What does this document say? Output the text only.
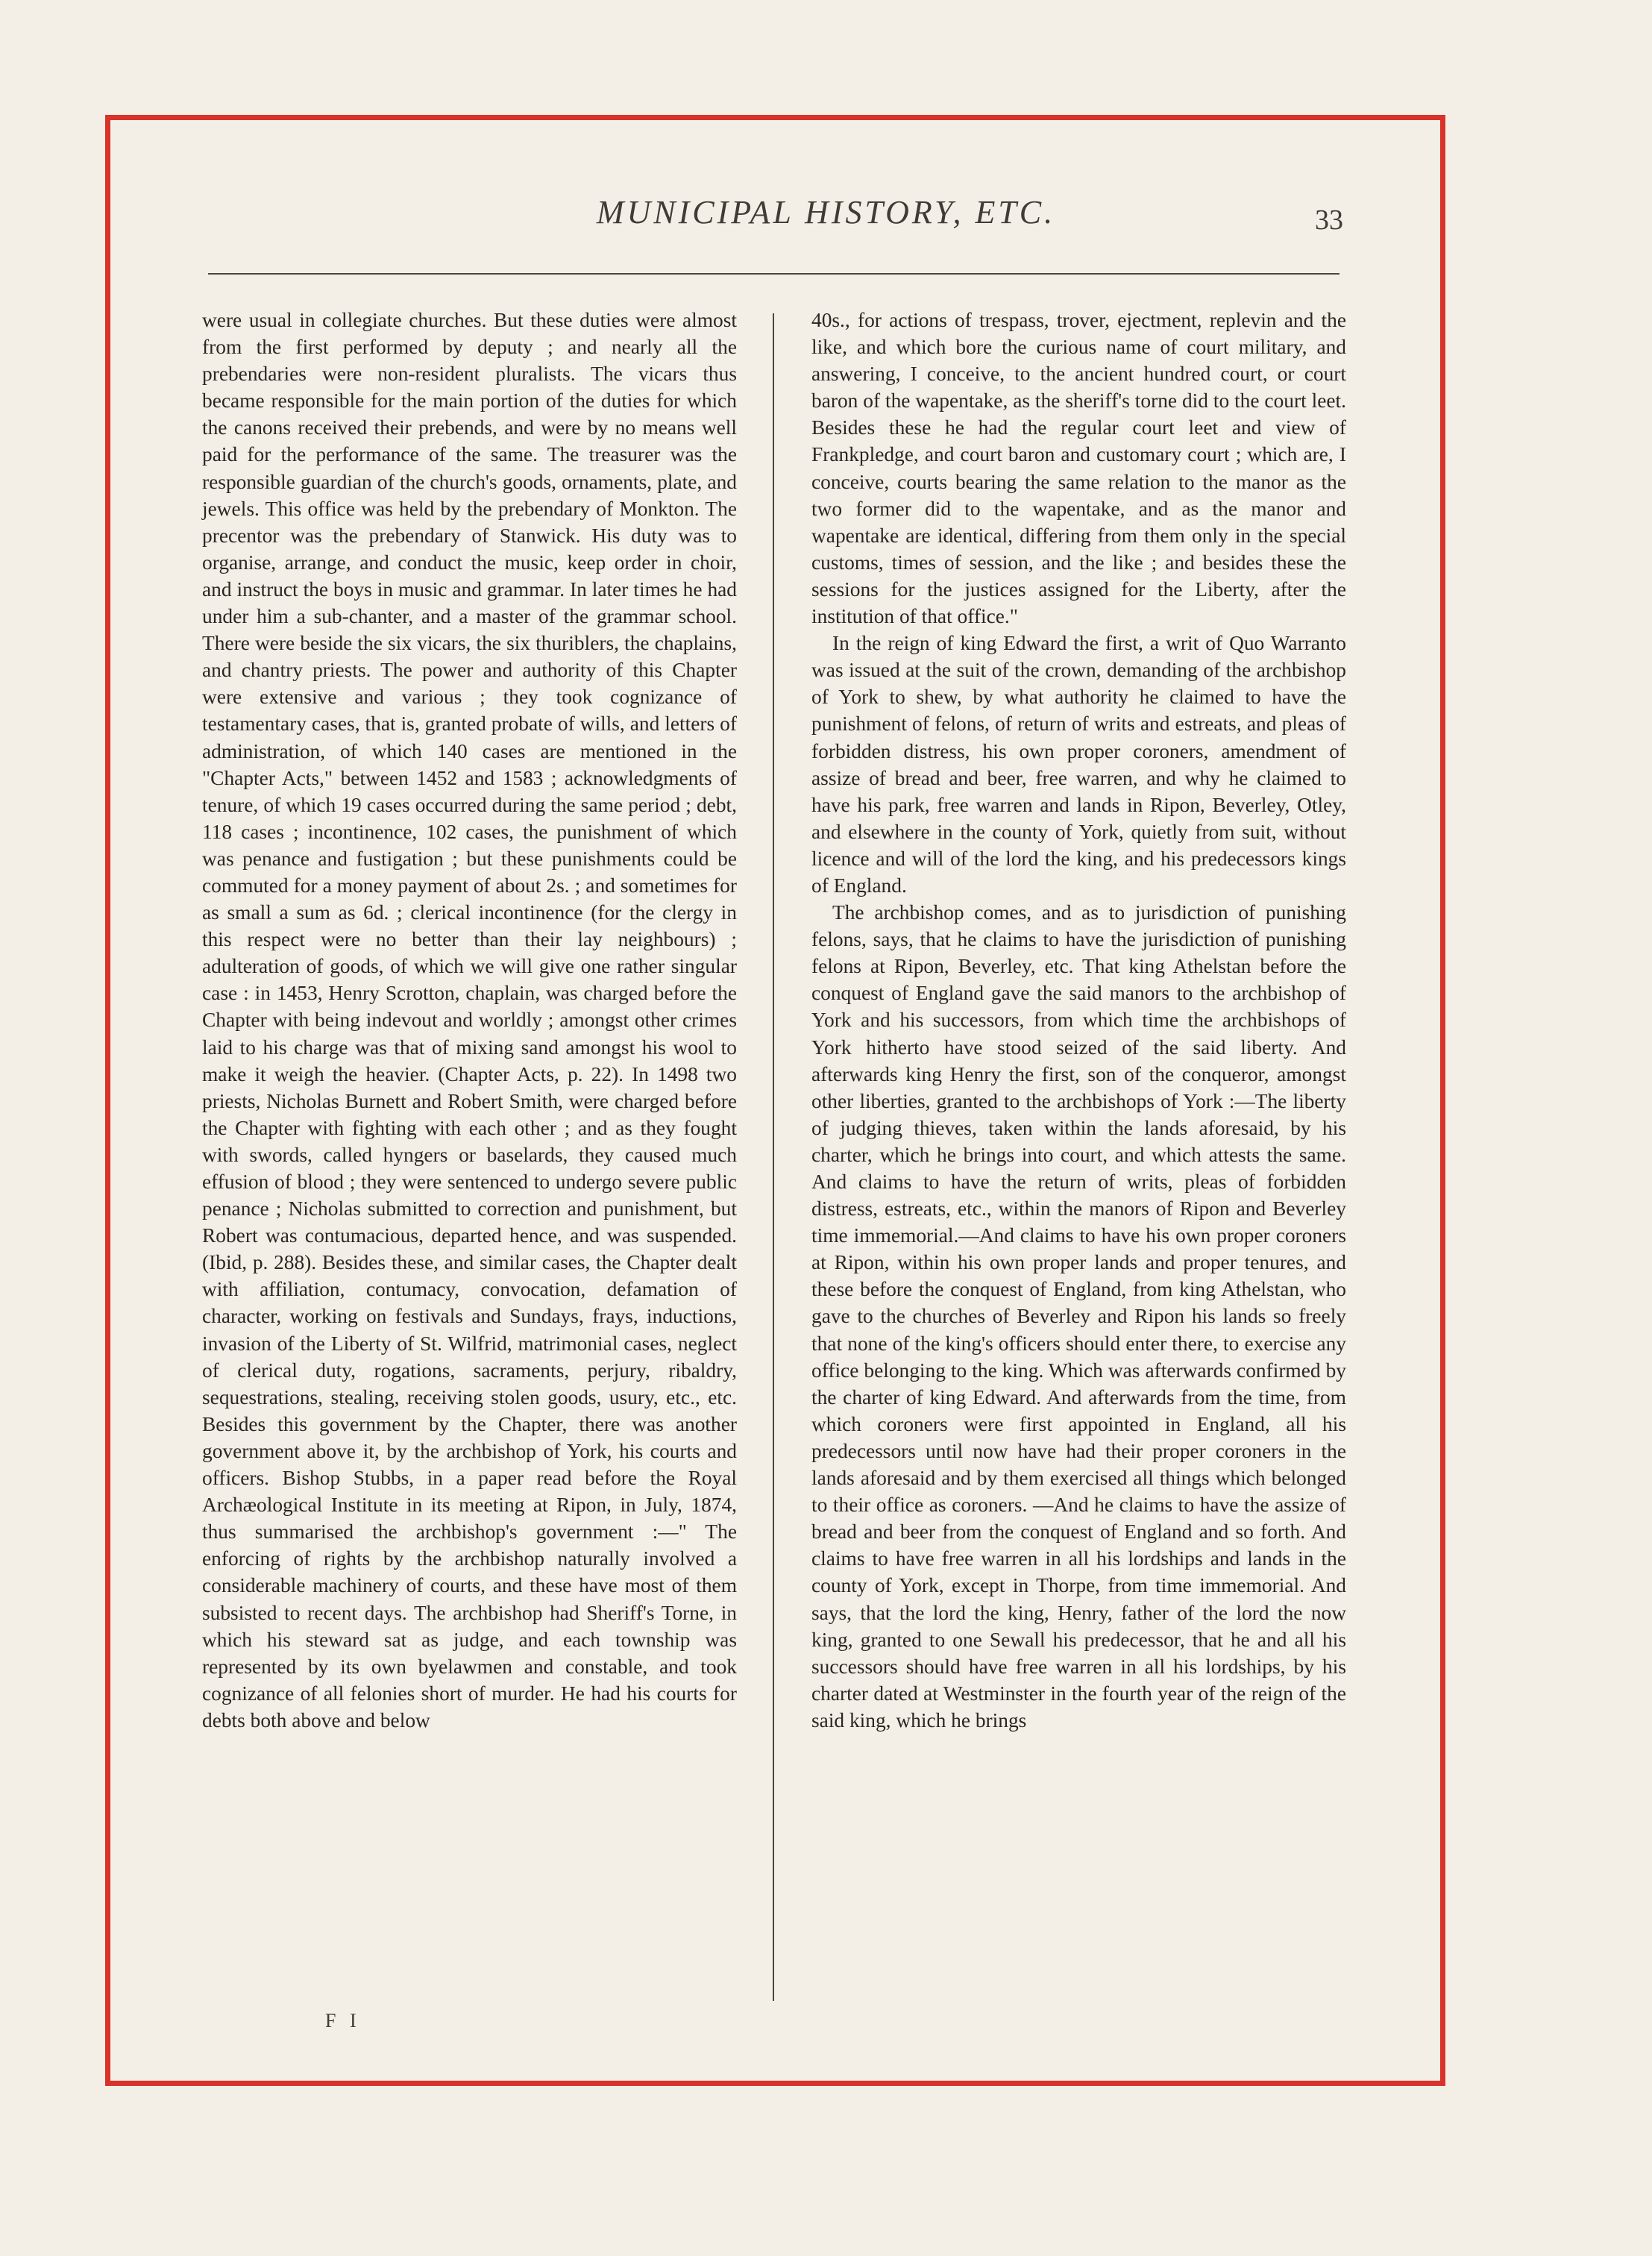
MUNICIPAL HISTORY, ETC.	33

were usual in collegiate churches. But these duties were almost from the first performed by deputy ; and nearly all the prebendaries were non-resident pluralists. The vicars thus became responsible for the main portion of the duties for which the canons received their prebends, and were by no means well paid for the performance of the same. The treasurer was the responsible guardian of the church's goods, ornaments, plate, and jewels. This office was held by the prebendary of Monkton. The precentor was the prebendary of Stanwick. His duty was to organise, arrange, and conduct the music, keep order in choir, and instruct the boys in music and grammar. In later times he had under him a sub-chanter, and a master of the grammar school. There were beside the six vicars, the six thuriblers, the chaplains, and chantry priests. The power and authority of this Chapter were extensive and various ; they took cognizance of testamentary cases, that is, granted probate of wills, and letters of administration, of which 140 cases are mentioned in the "Chapter Acts," between 1452 and 1583 ; acknowledgments of tenure, of which 19 cases occurred during the same period ; debt, 118 cases ; incontinence, 102 cases, the punishment of which was penance and fustigation ; but these punishments could be commuted for a money payment of about 2s. ; and sometimes for as small a sum as 6d. ; clerical incontinence (for the clergy in this respect were no better than their lay neighbours) ; adulteration of goods, of which we will give one rather singular case : in 1453, Henry Scrotton, chaplain, was charged before the Chapter with being indevout and worldly ; amongst other crimes laid to his charge was that of mixing sand amongst his wool to make it weigh the heavier. (Chapter Acts, p. 22). In 1498 two priests, Nicholas Burnett and Robert Smith, were charged before the Chapter with fighting with each other ; and as they fought with swords, called hyngers or baselards, they caused much effusion of blood ; they were sentenced to undergo severe public penance ; Nicholas submitted to correction and punishment, but Robert was contumacious, departed hence, and was suspended. (Ibid, p. 288). Besides these, and similar cases, the Chapter dealt with affiliation, contumacy, convocation, defamation of character, working on festivals and Sundays, frays, inductions, invasion of the Liberty of St. Wilfrid, matrimonial cases, neglect of clerical duty, rogations, sacraments, perjury, ribaldry, sequestrations, stealing, receiving stolen goods, usury, etc., etc. Besides this government by the Chapter, there was another government above it, by the archbishop of York, his courts and officers. Bishop Stubbs, in a paper read before the Royal Archæological Institute in its meeting at Ripon, in July, 1874, thus summarised the archbishop's government :—" The enforcing of rights by the archbishop naturally involved a considerable machinery of courts, and these have most of them subsisted to recent days. The archbishop had Sheriff's Torne, in which his steward sat as judge, and each township was represented by its own byelawmen and constable, and took cognizance of all felonies short of murder. He had his courts for debts both above and below

40s., for actions of trespass, trover, ejectment, replevin and the like, and which bore the curious name of court military, and answering, I conceive, to the ancient hundred court, or court baron of the wapentake, as the sheriff's torne did to the court leet. Besides these he had the regular court leet and view of Frankpledge, and court baron and customary court ; which are, I conceive, courts bearing the same relation to the manor as the two former did to the wapentake, and as the manor and wapentake are identical, differing from them only in the special customs, times of session, and the like ; and besides these the sessions for the justices assigned for the Liberty, after the institution of that office."

In the reign of king Edward the first, a writ of Quo Warranto was issued at the suit of the crown, demanding of the archbishop of York to shew, by what authority he claimed to have the punishment of felons, of return of writs and estreats, and pleas of forbidden distress, his own proper coroners, amendment of assize of bread and beer, free warren, and why he claimed to have his park, free warren and lands in Ripon, Beverley, Otley, and elsewhere in the county of York, quietly from suit, without licence and will of the lord the king, and his predecessors kings of England.

The archbishop comes, and as to jurisdiction of punishing felons, says, that he claims to have the jurisdiction of punishing felons at Ripon, Beverley, etc. That king Athelstan before the conquest of England gave the said manors to the archbishop of York and his successors, from which time the archbishops of York hitherto have stood seized of the said liberty. And afterwards king Henry the first, son of the conqueror, amongst other liberties, granted to the archbishops of York :—The liberty of judging thieves, taken within the lands aforesaid, by his charter, which he brings into court, and which attests the same. And claims to have the return of writs, pleas of forbidden distress, estreats, etc., within the manors of Ripon and Beverley time immemorial.—And claims to have his own proper coroners at Ripon, within his own proper lands and proper tenures, and these before the conquest of England, from king Athelstan, who gave to the churches of Beverley and Ripon his lands so freely that none of the king's officers should enter there, to exercise any office belonging to the king. Which was afterwards confirmed by the charter of king Edward. And afterwards from the time, from which coroners were first appointed in England, all his predecessors until now have had their proper coroners in the lands aforesaid and by them exercised all things which belonged to their office as coroners. —And he claims to have the assize of bread and beer from the conquest of England and so forth. And claims to have free warren in all his lordships and lands in the county of York, except in Thorpe, from time immemorial. And says, that the lord the king, Henry, father of the lord the now king, granted to one Sewall his predecessor, that he and all his successors should have free warren in all his lordships, by his charter dated at Westminster in the fourth year of the reign of the said king, which he brings

F I
